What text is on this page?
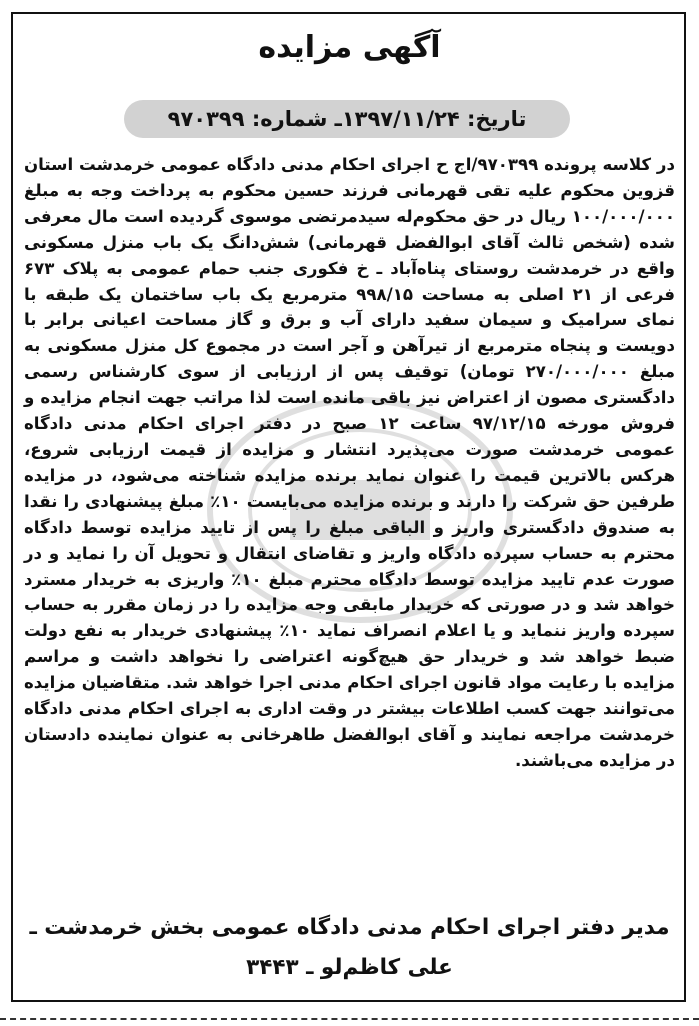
آگهی مزایده
تاریخ: ۱۳۹۷/۱۱/۲۴ـ شماره: ۹۷۰۳۹۹

در کلاسه پرونده ۹۷۰۳۹۹/اج ح اجرای احکام مدنی دادگاه عمومی خرمدشت استان قزوین محکوم علیه تقی قهرمانی فرزند حسین محکوم به پرداخت وجه به مبلغ ۱۰۰/۰۰۰/۰۰۰ ریال در حق محکوم‌له سیدمرتضی موسوی گردیده است مال معرفی شده (شخص ثالث آقای ابوالفضل قهرمانی) شش‌دانگ یک باب منزل مسکونی واقع در خرمدشت روستای پناه‌آباد ـ خ فکوری جنب حمام عمومی به پلاک ۶۷۳ فرعی از ۲۱ اصلی به مساحت ۹۹۸/۱۵ مترمربع یک باب ساختمان یک طبقه با نمای سرامیک و سیمان سفید دارای آب و برق و گاز مساحت اعیانی برابر با دویست و پنجاه مترمربع از تیرآهن و آجر است در مجموع کل منزل مسکونی به مبلغ ۲۷۰/۰۰۰/۰۰۰ تومان) توقیف پس از ارزیابی از سوی کارشناس رسمی دادگستری مصون از اعتراض نیز باقی مانده است لذا مراتب جهت انجام مزایده و فروش مورخه ۹۷/۱۲/۱۵ ساعت ۱۲ صبح در دفتر اجرای احکام مدنی دادگاه عمومی خرمدشت صورت می‌پذیرد انتشار و مزایده از قیمت ارزیابی شروع، هرکس بالاترین قیمت را عنوان نماید برنده مزایده شناخته می‌شود، در مزایده طرفین حق شرکت را دارند و برنده مزایده می‌بایست ۱۰٪ مبلغ پیشنهادی را نقدا به صندوق دادگستری واریز و الباقی مبلغ را پس از تایید مزایده توسط دادگاه محترم به حساب سپرده دادگاه واریز و تقاضای انتقال و تحویل آن را نماید و در صورت عدم تایید مزایده توسط دادگاه محترم مبلغ ۱۰٪ واریزی به خریدار مسترد خواهد شد و در صورتی که خریدار مابقی وجه مزایده را در زمان مقرر به حساب سپرده واریز ننماید و یا اعلام انصراف نماید ۱۰٪ پیشنهادی خریدار به نفع دولت ضبط خواهد شد و خریدار حق هیچ‌گونه اعتراضی را نخواهد داشت و مراسم مزایده با رعایت مواد قانون اجرای احکام مدنی اجرا خواهد شد. متقاضیان مزایده می‌توانند جهت کسب اطلاعات بیشتر در وقت اداری به اجرای احکام مدنی دادگاه خرمدشت مراجعه نمایند و آقای ابوالفضل طاهرخانی به عنوان نماینده دادستان در مزایده می‌باشند.

مدیر دفتر اجرای احکام مدنی دادگاه عمومی بخش خرمدشت ـ
علی کاظم‌لو ـ ۳۴۴۳
